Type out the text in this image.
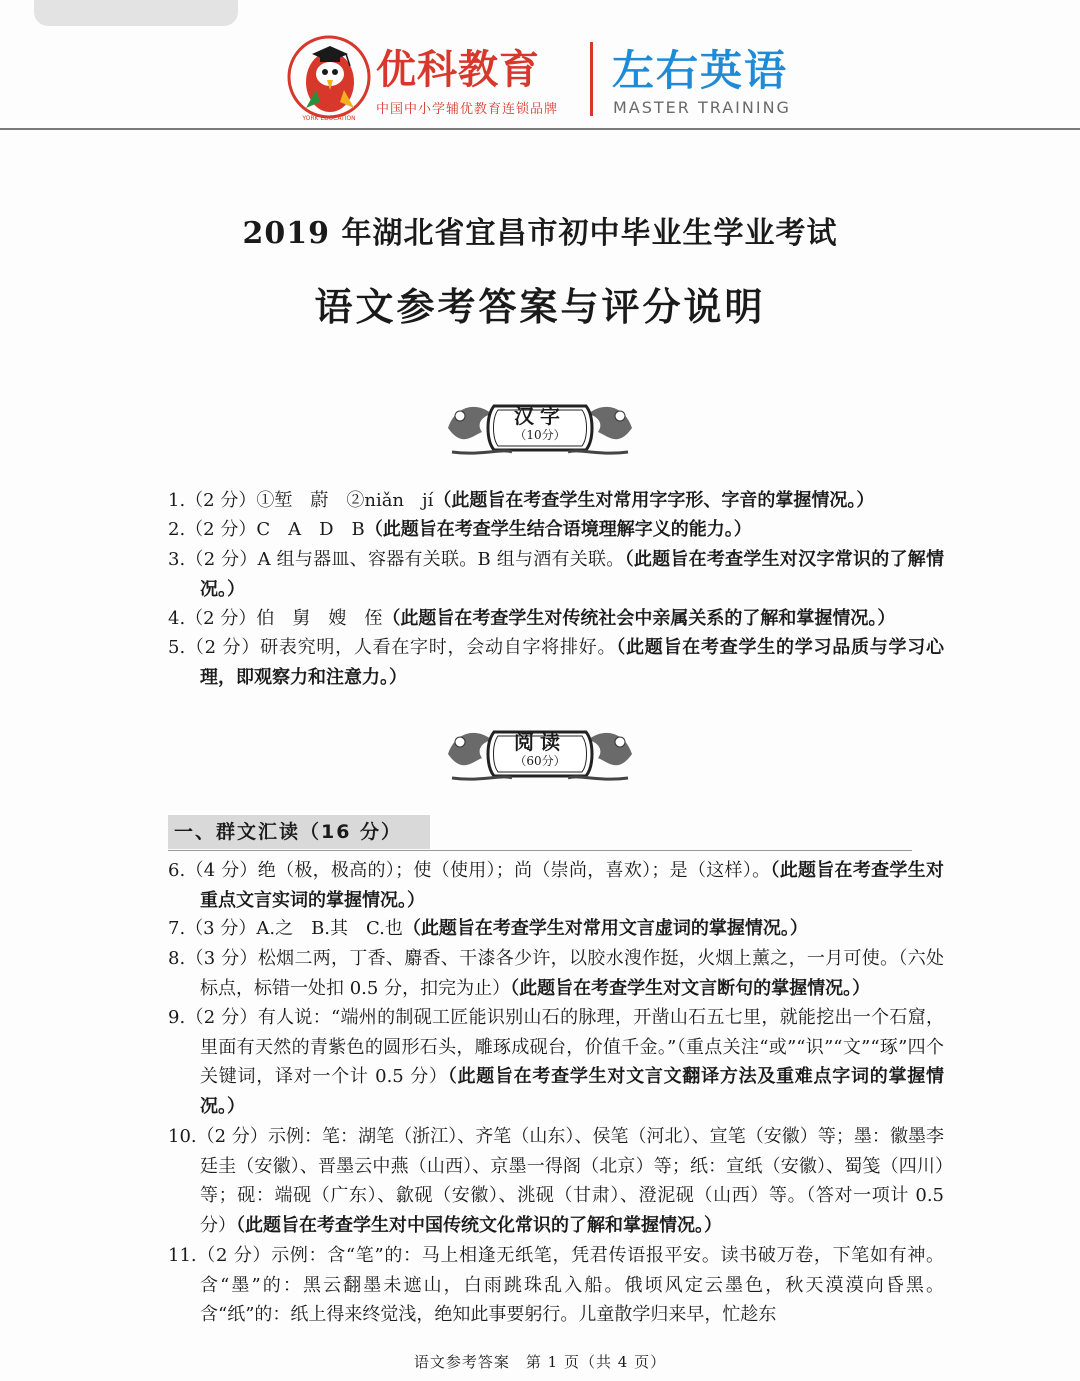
YORK EDUCATION
优科教育
中国中小学辅优教育连锁品牌
左右英语
MASTER TRAINING
2019 年湖北省宜昌市初中毕业生学业考试
语文参考答案与评分说明
汉字
（10分）
1.（2 分）①堑　蔚　②niǎn　jí（此题旨在考查学生对常用字字形、字音的掌握情况。）
2.（2 分）C　A　D　B（此题旨在考查学生结合语境理解字义的能力。）
3.（2 分）A 组与器皿、容器有关联。B 组与酒有关联。（此题旨在考查学生对汉字常识的了解情况。）
4.（2 分）伯　舅　嫂　侄（此题旨在考查学生对传统社会中亲属关系的了解和掌握情况。）
5.（2 分）研表究明，人看在字时，会动自字将排好。（此题旨在考查学生的学习品质与学习心理，即观察力和注意力。）
阅读
（60分）
一、群文汇读（16 分）
6.（4 分）绝（极，极高的）；使（使用）；尚（崇尚，喜欢）；是（这样）。（此题旨在考查学生对重点文言实词的掌握情况。）
7.（3 分）A.之　B.其　C.也（此题旨在考查学生对常用文言虚词的掌握情况。）
8.（3 分）松烟二两，丁香、麝香、干漆各少许，以胶水溲作挺，火烟上薰之，一月可使。（六处标点，标错一处扣 0.5 分，扣完为止）（此题旨在考查学生对文言断句的掌握情况。）
9.（2 分）有人说：“端州的制砚工匠能识别山石的脉理，开凿山石五七里，就能挖出一个石窟，里面有天然的青紫色的圆形石头，雕琢成砚台，价值千金。”（重点关注“或”“识”“文”“琢”四个关键词，译对一个计 0.5 分）（此题旨在考查学生对文言文翻译方法及重难点字词的掌握情况。）
10.（2 分）示例：笔：湖笔（浙江）、齐笔（山东）、侯笔（河北）、宣笔（安徽）等；墨：徽墨李廷圭（安徽）、晋墨云中燕（山西）、京墨一得阁（北京）等；纸：宣纸（安徽）、蜀笺（四川）等；砚：端砚（广东）、歙砚（安徽）、洮砚（甘肃）、澄泥砚（山西）等。（答对一项计 0.5 分）（此题旨在考查学生对中国传统文化常识的了解和掌握情况。）
11.（2 分）示例：含“笔”的：马上相逢无纸笔，凭君传语报平安。读书破万卷，下笔如有神。含“墨”的：黑云翻墨未遮山，白雨跳珠乱入船。俄顷风定云墨色，秋天漠漠向昏黑。含“纸”的：纸上得来终觉浅，绝知此事要躬行。儿童散学归来早，忙趁东
语文参考答案　第 1 页（共 4 页）
